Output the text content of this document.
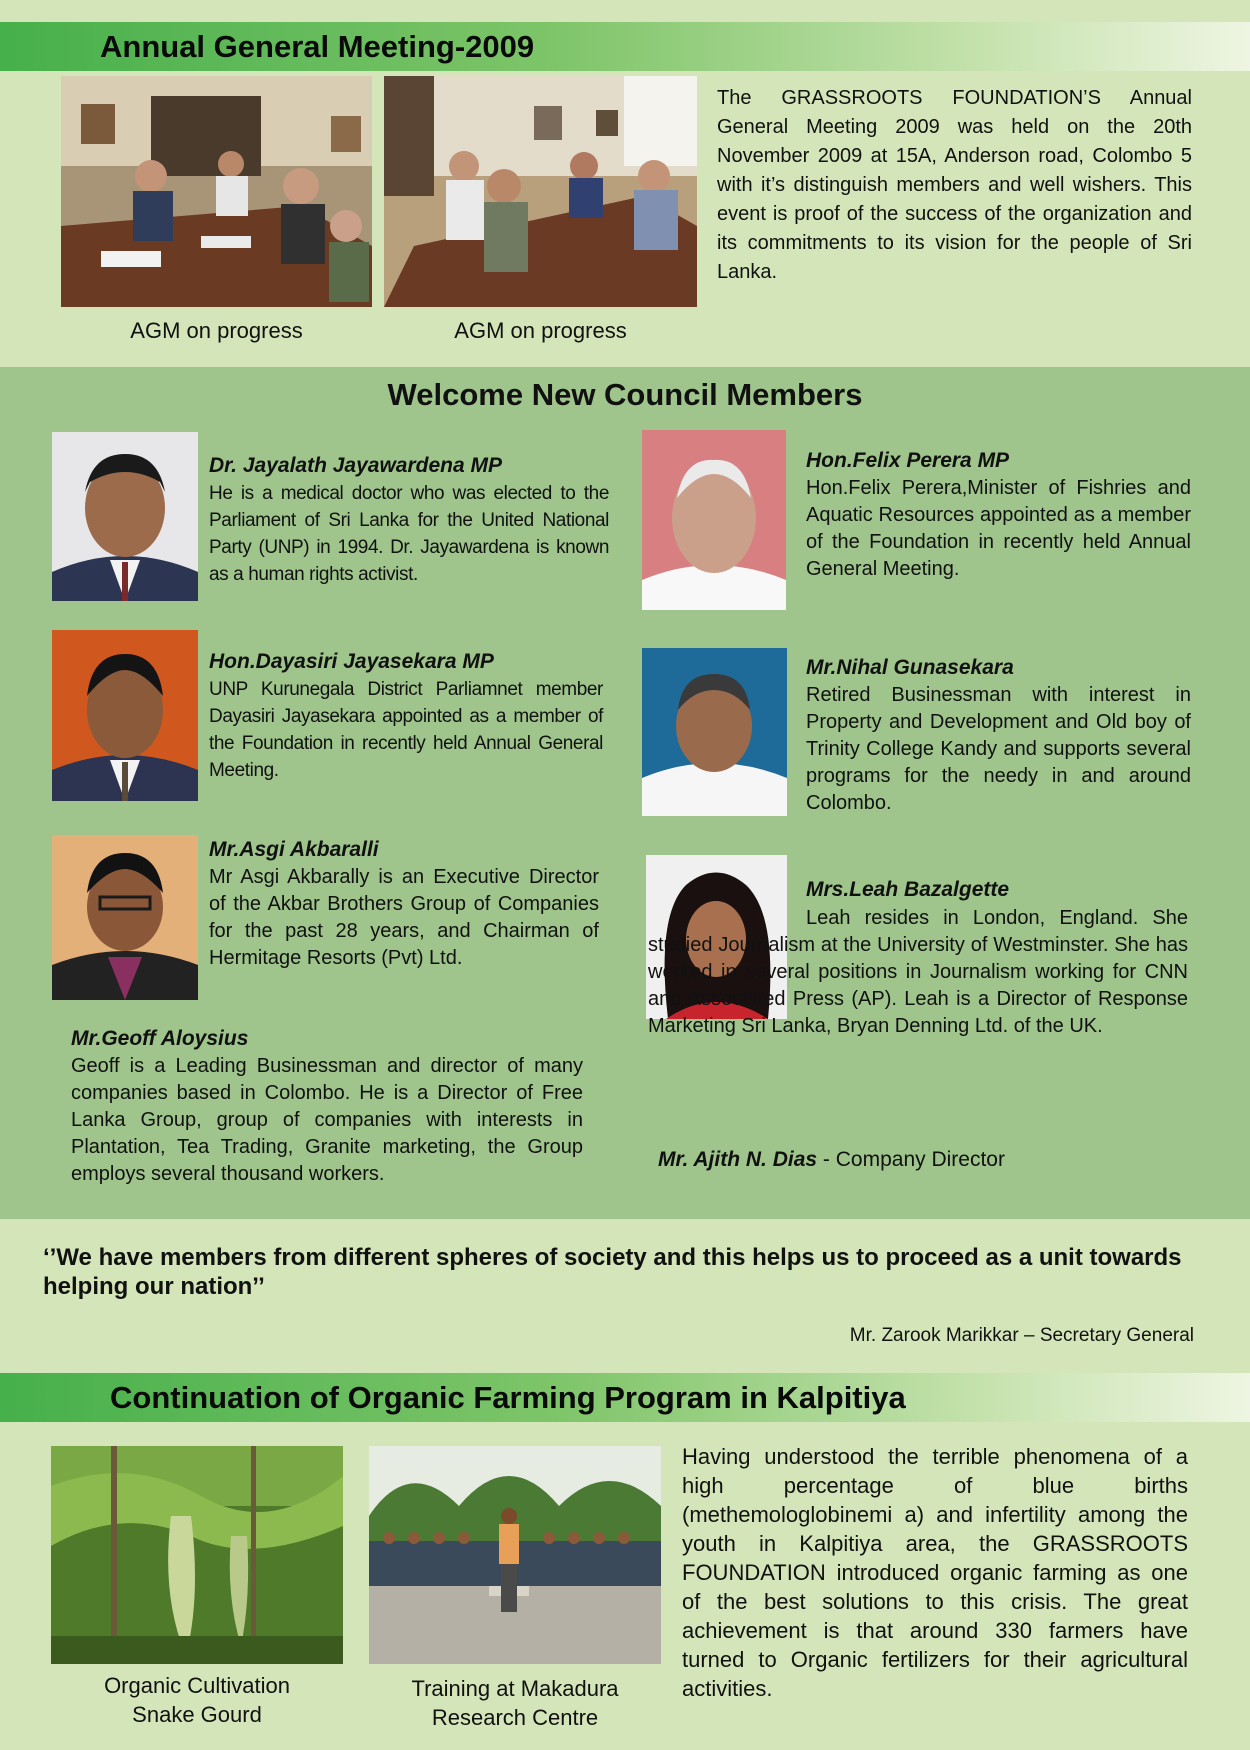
Annual General Meeting-2009
AGM on progress	AGM on progress
The GRASSROOTS FOUNDATION’S Annual General Meeting 2009 was held on the 20th November 2009 at 15A, Anderson road, Colombo 5 with it’s distinguish members and well wishers. This event is proof of the success of the organization and its commitments to its vision for the people of Sri Lanka.
Welcome New Council Members
Dr. Jayalath Jayawardena MP
He is a medical doctor who was elected to the Parliament of Sri Lanka for the United National Party (UNP) in 1994. Dr. Jayawardena is known as a human rights activist.
Hon.Felix Perera MP
Hon.Felix Perera,Minister of Fishries and Aquatic Resources appointed as a member of the Foundation in recently held Annual General Meeting.
Hon.Dayasiri Jayasekara MP
UNP Kurunegala District Parliamnet member Dayasiri Jayasekara appointed as a member of the Foundation in recently held Annual General Meeting.
Mr.Nihal Gunasekara
Retired Businessman with interest in Property and Development and Old boy of Trinity College Kandy and supports several programs for the needy in and around Colombo.
Mr.Asgi Akbaralli
Mr Asgi Akbarally is an Executive Director of the Akbar Brothers Group of Companies for the past 28 years, and Chairman of Hermitage Resorts (Pvt) Ltd.
Mrs.Leah Bazalgette
Leah resides in London, England. She studied Journalism at the University of Westminster. She has worked in several positions in Journalism working for CNN and Associated Press (AP). Leah is a Director of Response Marketing Sri Lanka, Bryan Denning Ltd. of the UK.
Mr.Geoff Aloysius
Geoff is a Leading Businessman and director of many companies based in Colombo. He is a Director of Free Lanka Group, group of companies with interests in Plantation, Tea Trading, Granite marketing, the Group employs several thousand workers.
Mr. Ajith N. Dias - Company Director
‘’We have members from different spheres of society and this helps us to proceed as a unit towards helping our nation’’
Mr. Zarook Marikkar – Secretary General
Continuation of Organic Farming Program in Kalpitiya
Organic Cultivation
Snake Gourd
Training at Makadura
Research Centre
Having understood the terrible phenomena of a high percentage of blue births (methemologlobinemi a) and infertility among the youth in Kalpitiya area, the GRASSROOTS FOUNDATION introduced organic farming as one of the best solutions to this crisis. The great achievement is that around 330 farmers have turned to Organic fertilizers for their agricultural activities.
